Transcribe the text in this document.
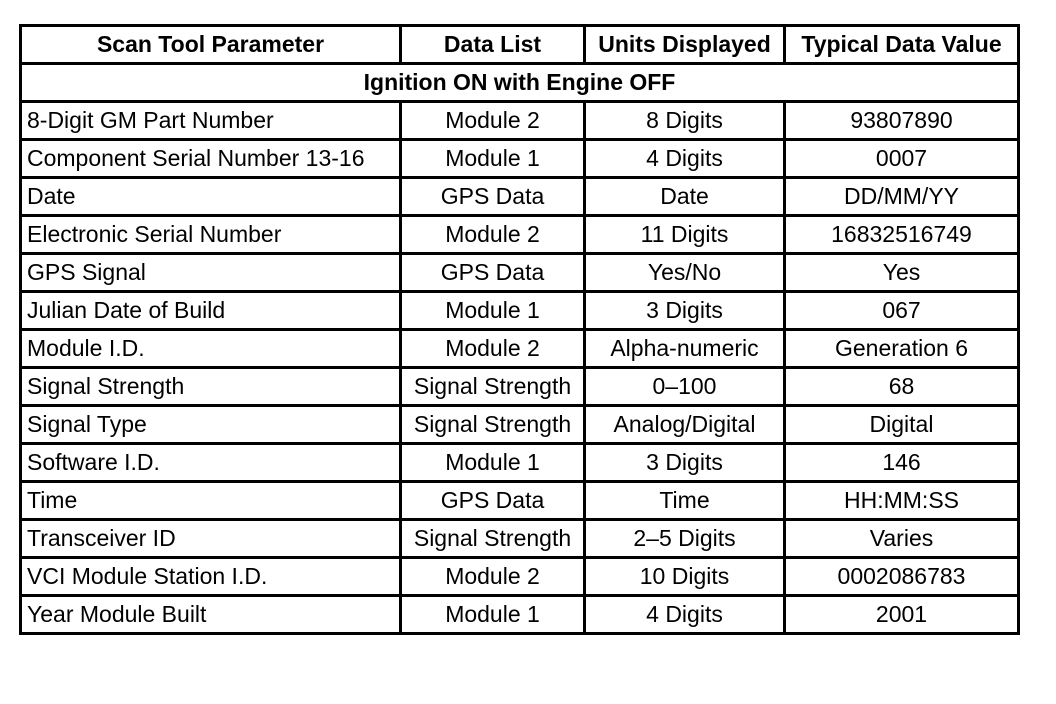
Scan Tool Parameter	Data List	Units Displayed	Typical Data Value
Ignition ON with Engine OFF			
8-Digit GM Part Number	Module 2	8 Digits	93807890
Component Serial Number 13-16	Module 1	4 Digits	0007
Date	GPS Data	Date	DD/MM/YY
Electronic Serial Number	Module 2	11 Digits	16832516749
GPS Signal	GPS Data	Yes/No	Yes
Julian Date of Build	Module 1	3 Digits	067
Module I.D.	Module 2	Alpha-numeric	Generation 6
Signal Strength	Signal Strength	0–100	68
Signal Type	Signal Strength	Analog/Digital	Digital
Software I.D.	Module 1	3 Digits	146
Time	GPS Data	Time	HH:MM:SS
Transceiver ID	Signal Strength	2–5 Digits	Varies
VCI Module Station I.D.	Module 2	10 Digits	0002086783
Year Module Built	Module 1	4 Digits	2001
